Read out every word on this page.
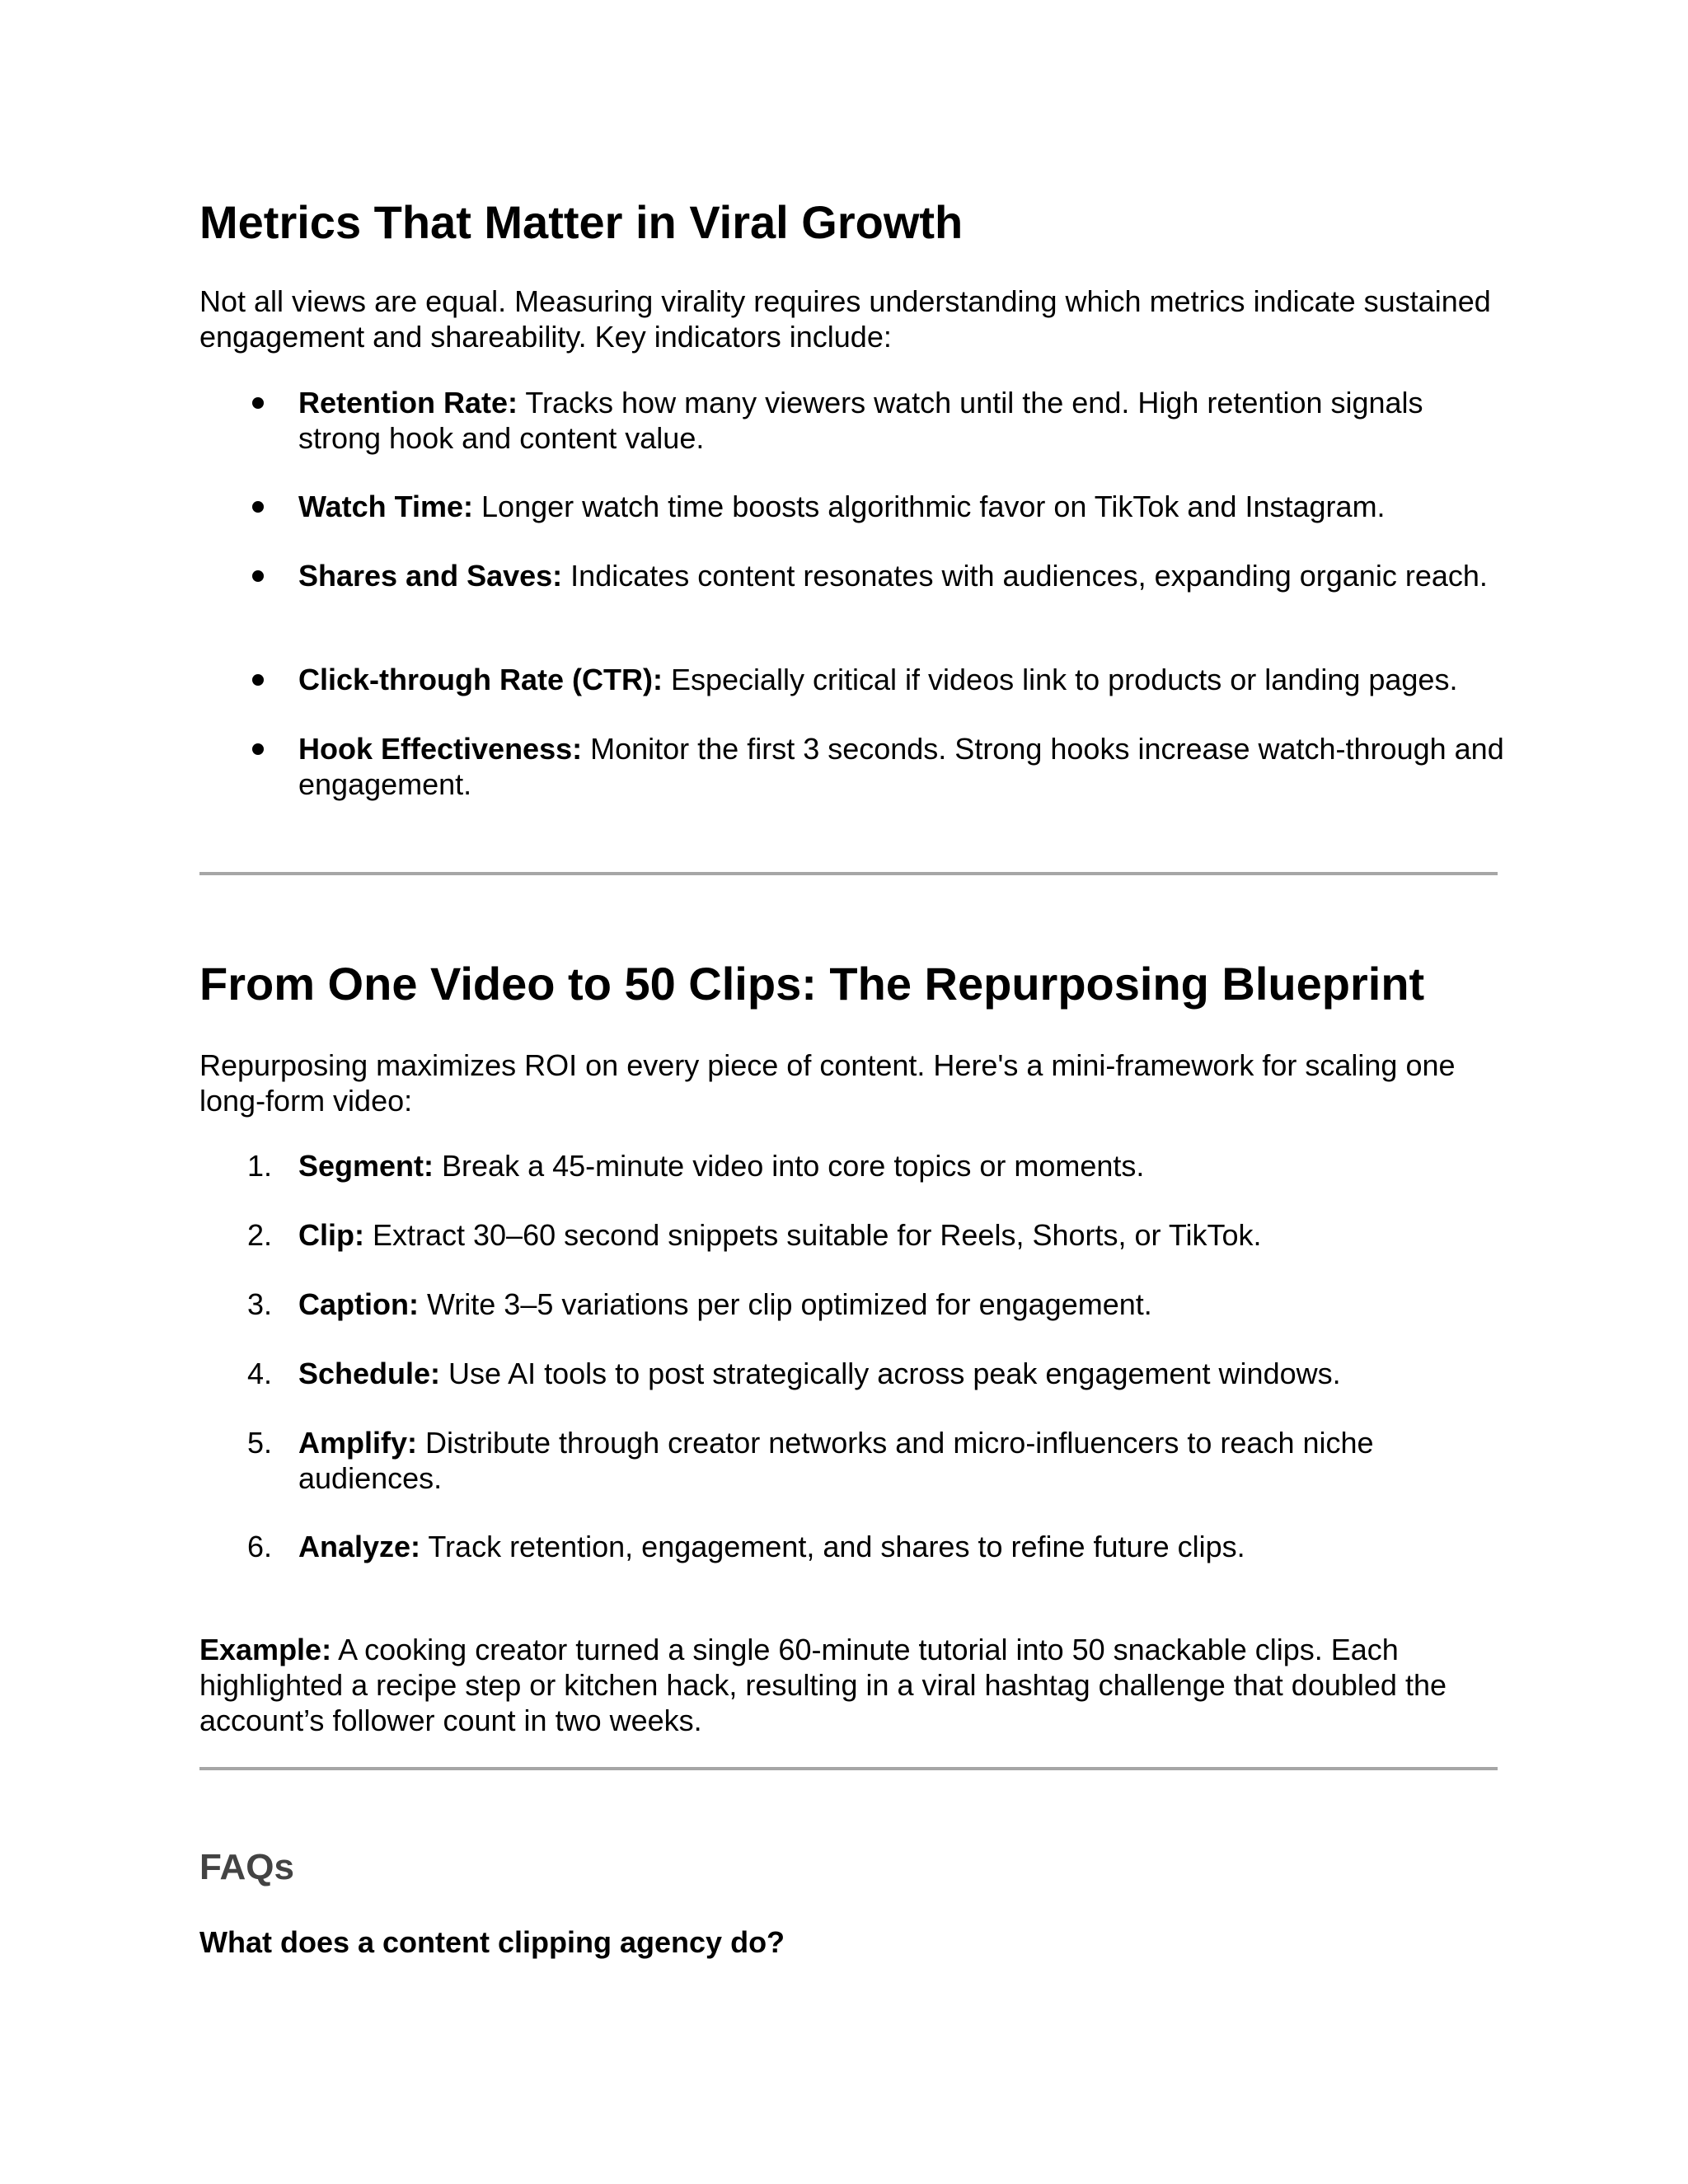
Metrics That Matter in Viral Growth

Not all views are equal. Measuring virality requires understanding which metrics indicate sustained engagement and shareability. Key indicators include:

Retention Rate: Tracks how many viewers watch until the end. High retention signals strong hook and content value.
Watch Time: Longer watch time boosts algorithmic favor on TikTok and Instagram.
Shares and Saves: Indicates content resonates with audiences, expanding organic reach.
Click-through Rate (CTR): Especially critical if videos link to products or landing pages.
Hook Effectiveness: Monitor the first 3 seconds. Strong hooks increase watch-through and engagement.
From One Video to 50 Clips: The Repurposing Blueprint

Repurposing maximizes ROI on every piece of content. Here's a mini-framework for scaling one long-form video:

1. Segment: Break a 45-minute video into core topics or moments.
2. Clip: Extract 30–60 second snippets suitable for Reels, Shorts, or TikTok.
3. Caption: Write 3–5 variations per clip optimized for engagement.
4. Schedule: Use AI tools to post strategically across peak engagement windows.
5. Amplify: Distribute through creator networks and micro-influencers to reach niche audiences.
6. Analyze: Track retention, engagement, and shares to refine future clips.

Example: A cooking creator turned a single 60-minute tutorial into 50 snackable clips. Each highlighted a recipe step or kitchen hack, resulting in a viral hashtag challenge that doubled the account’s follower count in two weeks.

FAQs
What does a content clipping agency do?
